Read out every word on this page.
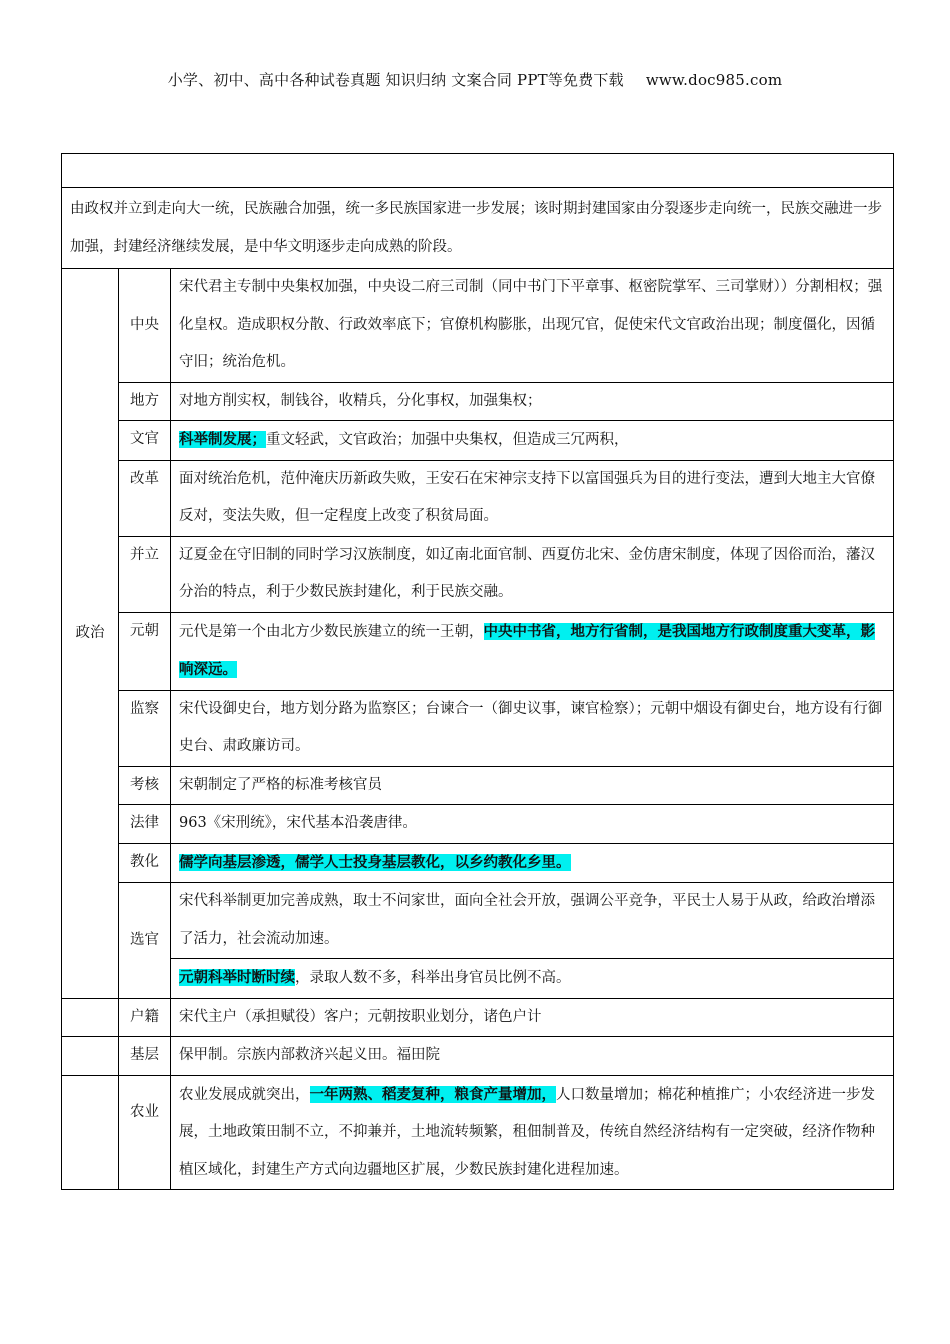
小学、初中、高中各种试卷真题 知识归纳 文案合同 PPT等免费下载 www.doc985.com

由政权并立到走向大一统，民族融合加强，统一多民族国家进一步发展；该时期封建国家由分裂逐步走向统一，民族交融进一步加强，封建经济继续发展，是中华文明逐步走向成熟的阶段。		
政治	中央	宋代君主专制中央集权加强，中央设二府三司制（同中书门下平章事、枢密院掌军、三司掌财））分割相权；强化皇权。造成职权分散、行政效率底下；官僚机构膨胀，出现冗官，促使宋代文官政治出现；制度僵化，因循守旧；统治危机。
	地方	对地方削实权，制钱谷，收精兵，分化事权，加强集权；
	文官	科举制发展；重文轻武，文官政治；加强中央集权，但造成三冗两积，
	改革	面对统治危机，范仲淹庆历新政失败，王安石在宋神宗支持下以富国强兵为目的进行变法，遭到大地主大官僚反对，变法失败，但一定程度上改变了积贫局面。
	并立	辽夏金在守旧制的同时学习汉族制度，如辽南北面官制、西夏仿北宋、金仿唐宋制度，体现了因俗而治，藩汉分治的特点，利于少数民族封建化，利于民族交融。
	元朝	元代是第一个由北方少数民族建立的统一王朝，中央中书省，地方行省制，是我国地方行政制度重大变革，影响深远。
	监察	宋代设御史台，地方划分路为监察区；台谏合一（御史议事，谏官检察）；元朝中烟设有御史台，地方设有行御史台、肃政廉访司。
	考核	宋朝制定了严格的标准考核官员
	法律	963《宋刑统》，宋代基本沿袭唐律。
	教化	儒学向基层渗透，儒学人士投身基层教化，以乡约教化乡里。
	选官	宋代科举制更加完善成熟，取士不问家世，面向全社会开放，强调公平竞争，平民士人易于从政，给政治增添了活力，社会流动加速。
		元朝科举时断时续，录取人数不多，科举出身官员比例不高。
	户籍	宋代主户（承担赋役）客户；元朝按职业划分，诸色户计
	基层	保甲制。宗族内部救济兴起义田。福田院
	农业	农业发展成就突出，一年两熟、稻麦复种，粮食产量增加，人口数量增加；棉花种植推广；小农经济进一步发展，土地政策田制不立，不抑兼并，土地流转频繁，租佃制普及，传统自然经济结构有一定突破，经济作物种植区域化，封建生产方式向边疆地区扩展，少数民族封建化进程加速。
